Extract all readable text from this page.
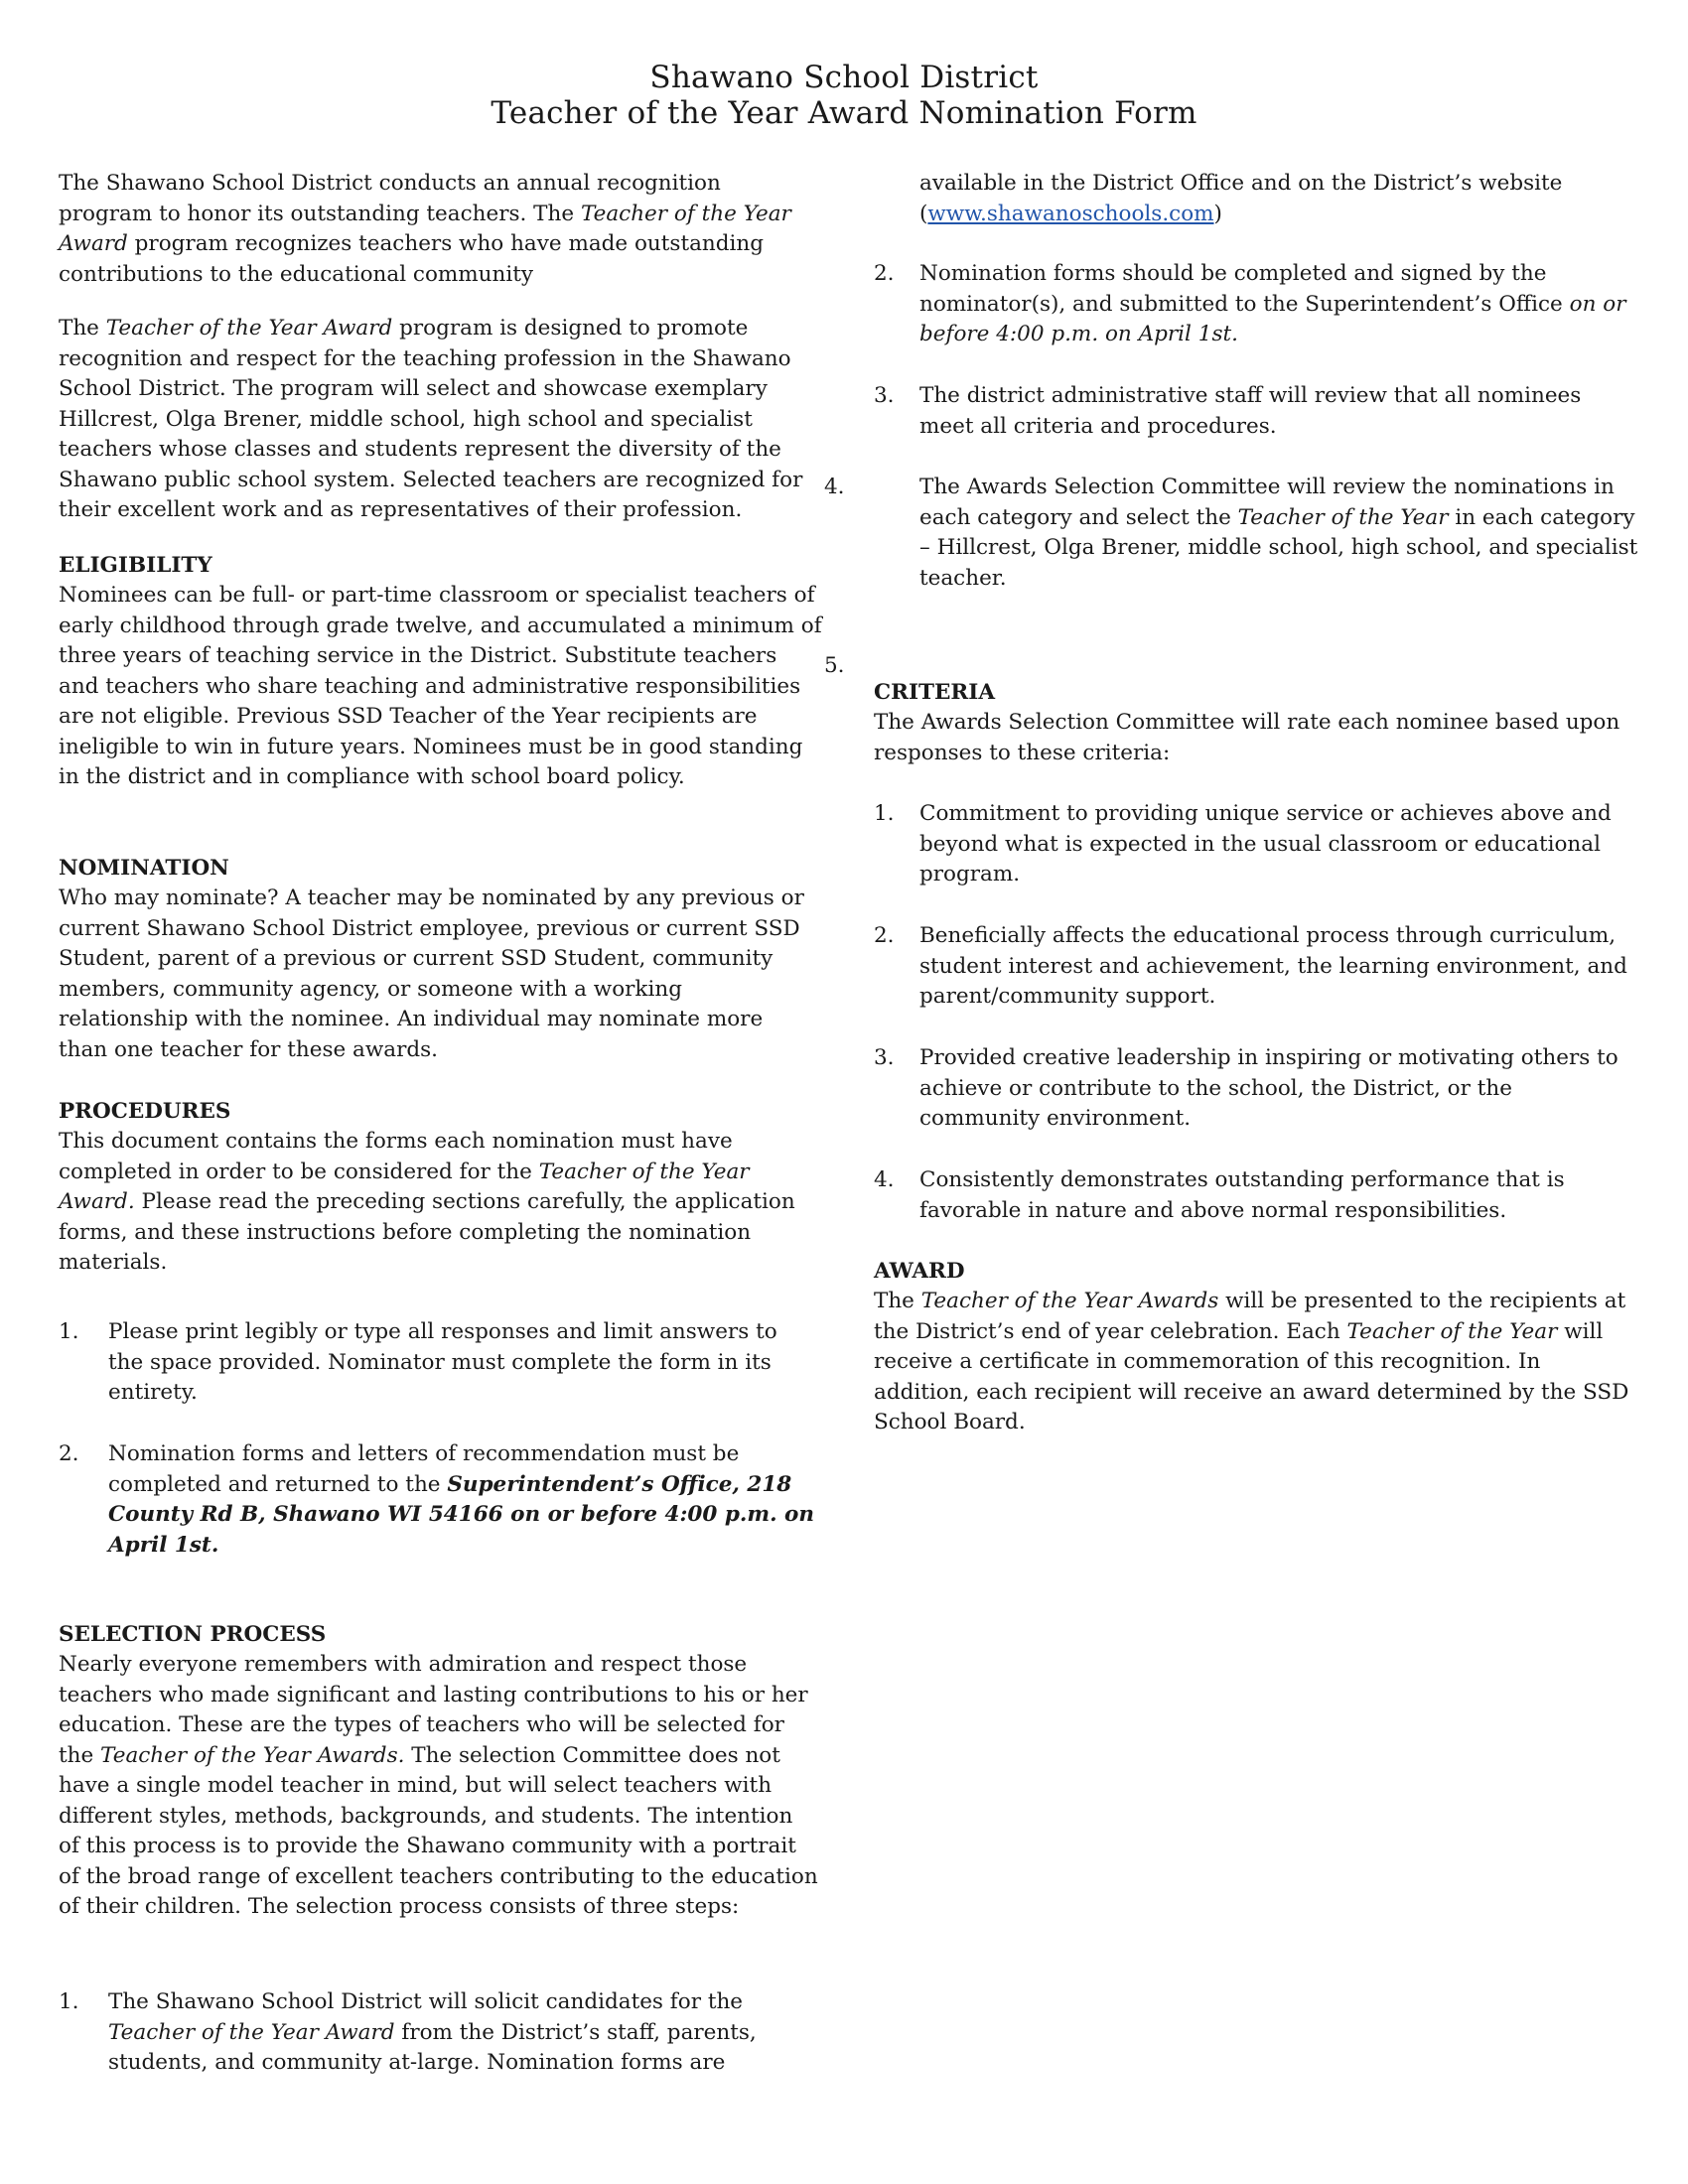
Shawano School District
Teacher of the Year Award Nomination Form
The Shawano School District conducts an annual recognition program to honor its outstanding teachers. The Teacher of the Year Award program recognizes teachers who have made outstanding contributions to the educational community
The Teacher of the Year Award program is designed to promote recognition and respect for the teaching profession in the Shawano School District. The program will select and showcase exemplary Hillcrest, Olga Brener, middle school, high school and specialist teachers whose classes and students represent the diversity of the Shawano public school system. Selected teachers are recognized for their excellent work and as representatives of their profession.
ELIGIBILITY
Nominees can be full- or part-time classroom or specialist teachers of early childhood through grade twelve, and accumulated a minimum of three years of teaching service in the District. Substitute teachers and teachers who share teaching and administrative responsibilities are not eligible. Previous SSD Teacher of the Year recipients are ineligible to win in future years. Nominees must be in good standing in the district and in compliance with school board policy.
NOMINATION
Who may nominate? A teacher may be nominated by any previous or current Shawano School District employee, previous or current SSD Student, parent of a previous or current SSD Student, community members, community agency, or someone with a working relationship with the nominee. An individual may nominate more than one teacher for these awards.
PROCEDURES
This document contains the forms each nomination must have completed in order to be considered for the Teacher of the Year Award. Please read the preceding sections carefully, the application forms, and these instructions before completing the nomination materials.
1. Please print legibly or type all responses and limit answers to the space provided. Nominator must complete the form in its entirety.
2. Nomination forms and letters of recommendation must be completed and returned to the Superintendent’s Office, 218 County Rd B, Shawano WI 54166 on or before 4:00 p.m. on April 1st.
SELECTION PROCESS
Nearly everyone remembers with admiration and respect those teachers who made significant and lasting contributions to his or her education. These are the types of teachers who will be selected for the Teacher of the Year Awards. The selection Committee does not have a single model teacher in mind, but will select teachers with different styles, methods, backgrounds, and students. The intention of this process is to provide the Shawano community with a portrait of the broad range of excellent teachers contributing to the education of their children. The selection process consists of three steps:
1. The Shawano School District will solicit candidates for the Teacher of the Year Award from the District’s staff, parents, students, and community at-large. Nomination forms are
available in the District Office and on the District’s website (www.shawanoschools.com)
2. Nomination forms should be completed and signed by the nominator(s), and submitted to the Superintendent’s Office on or before 4:00 p.m. on April 1st.
3. The district administrative staff will review that all nominees meet all criteria and procedures.
4.	The Awards Selection Committee will review the nominations in each category and select the Teacher of the Year in each category – Hillcrest, Olga Brener, middle school, high school, and specialist teacher.
5.
CRITERIA
The Awards Selection Committee will rate each nominee based upon responses to these criteria:
1. Commitment to providing unique service or achieves above and beyond what is expected in the usual classroom or educational program.
2. Beneficially affects the educational process through curriculum, student interest and achievement, the learning environment, and parent/community support.
3. Provided creative leadership in inspiring or motivating others to achieve or contribute to the school, the District, or the community environment.
4. Consistently demonstrates outstanding performance that is favorable in nature and above normal responsibilities.
AWARD
The Teacher of the Year Awards will be presented to the recipients at the District’s end of year celebration. Each Teacher of the Year will receive a certificate in commemoration of this recognition. In addition, each recipient will receive an award determined by the SSD School Board.
